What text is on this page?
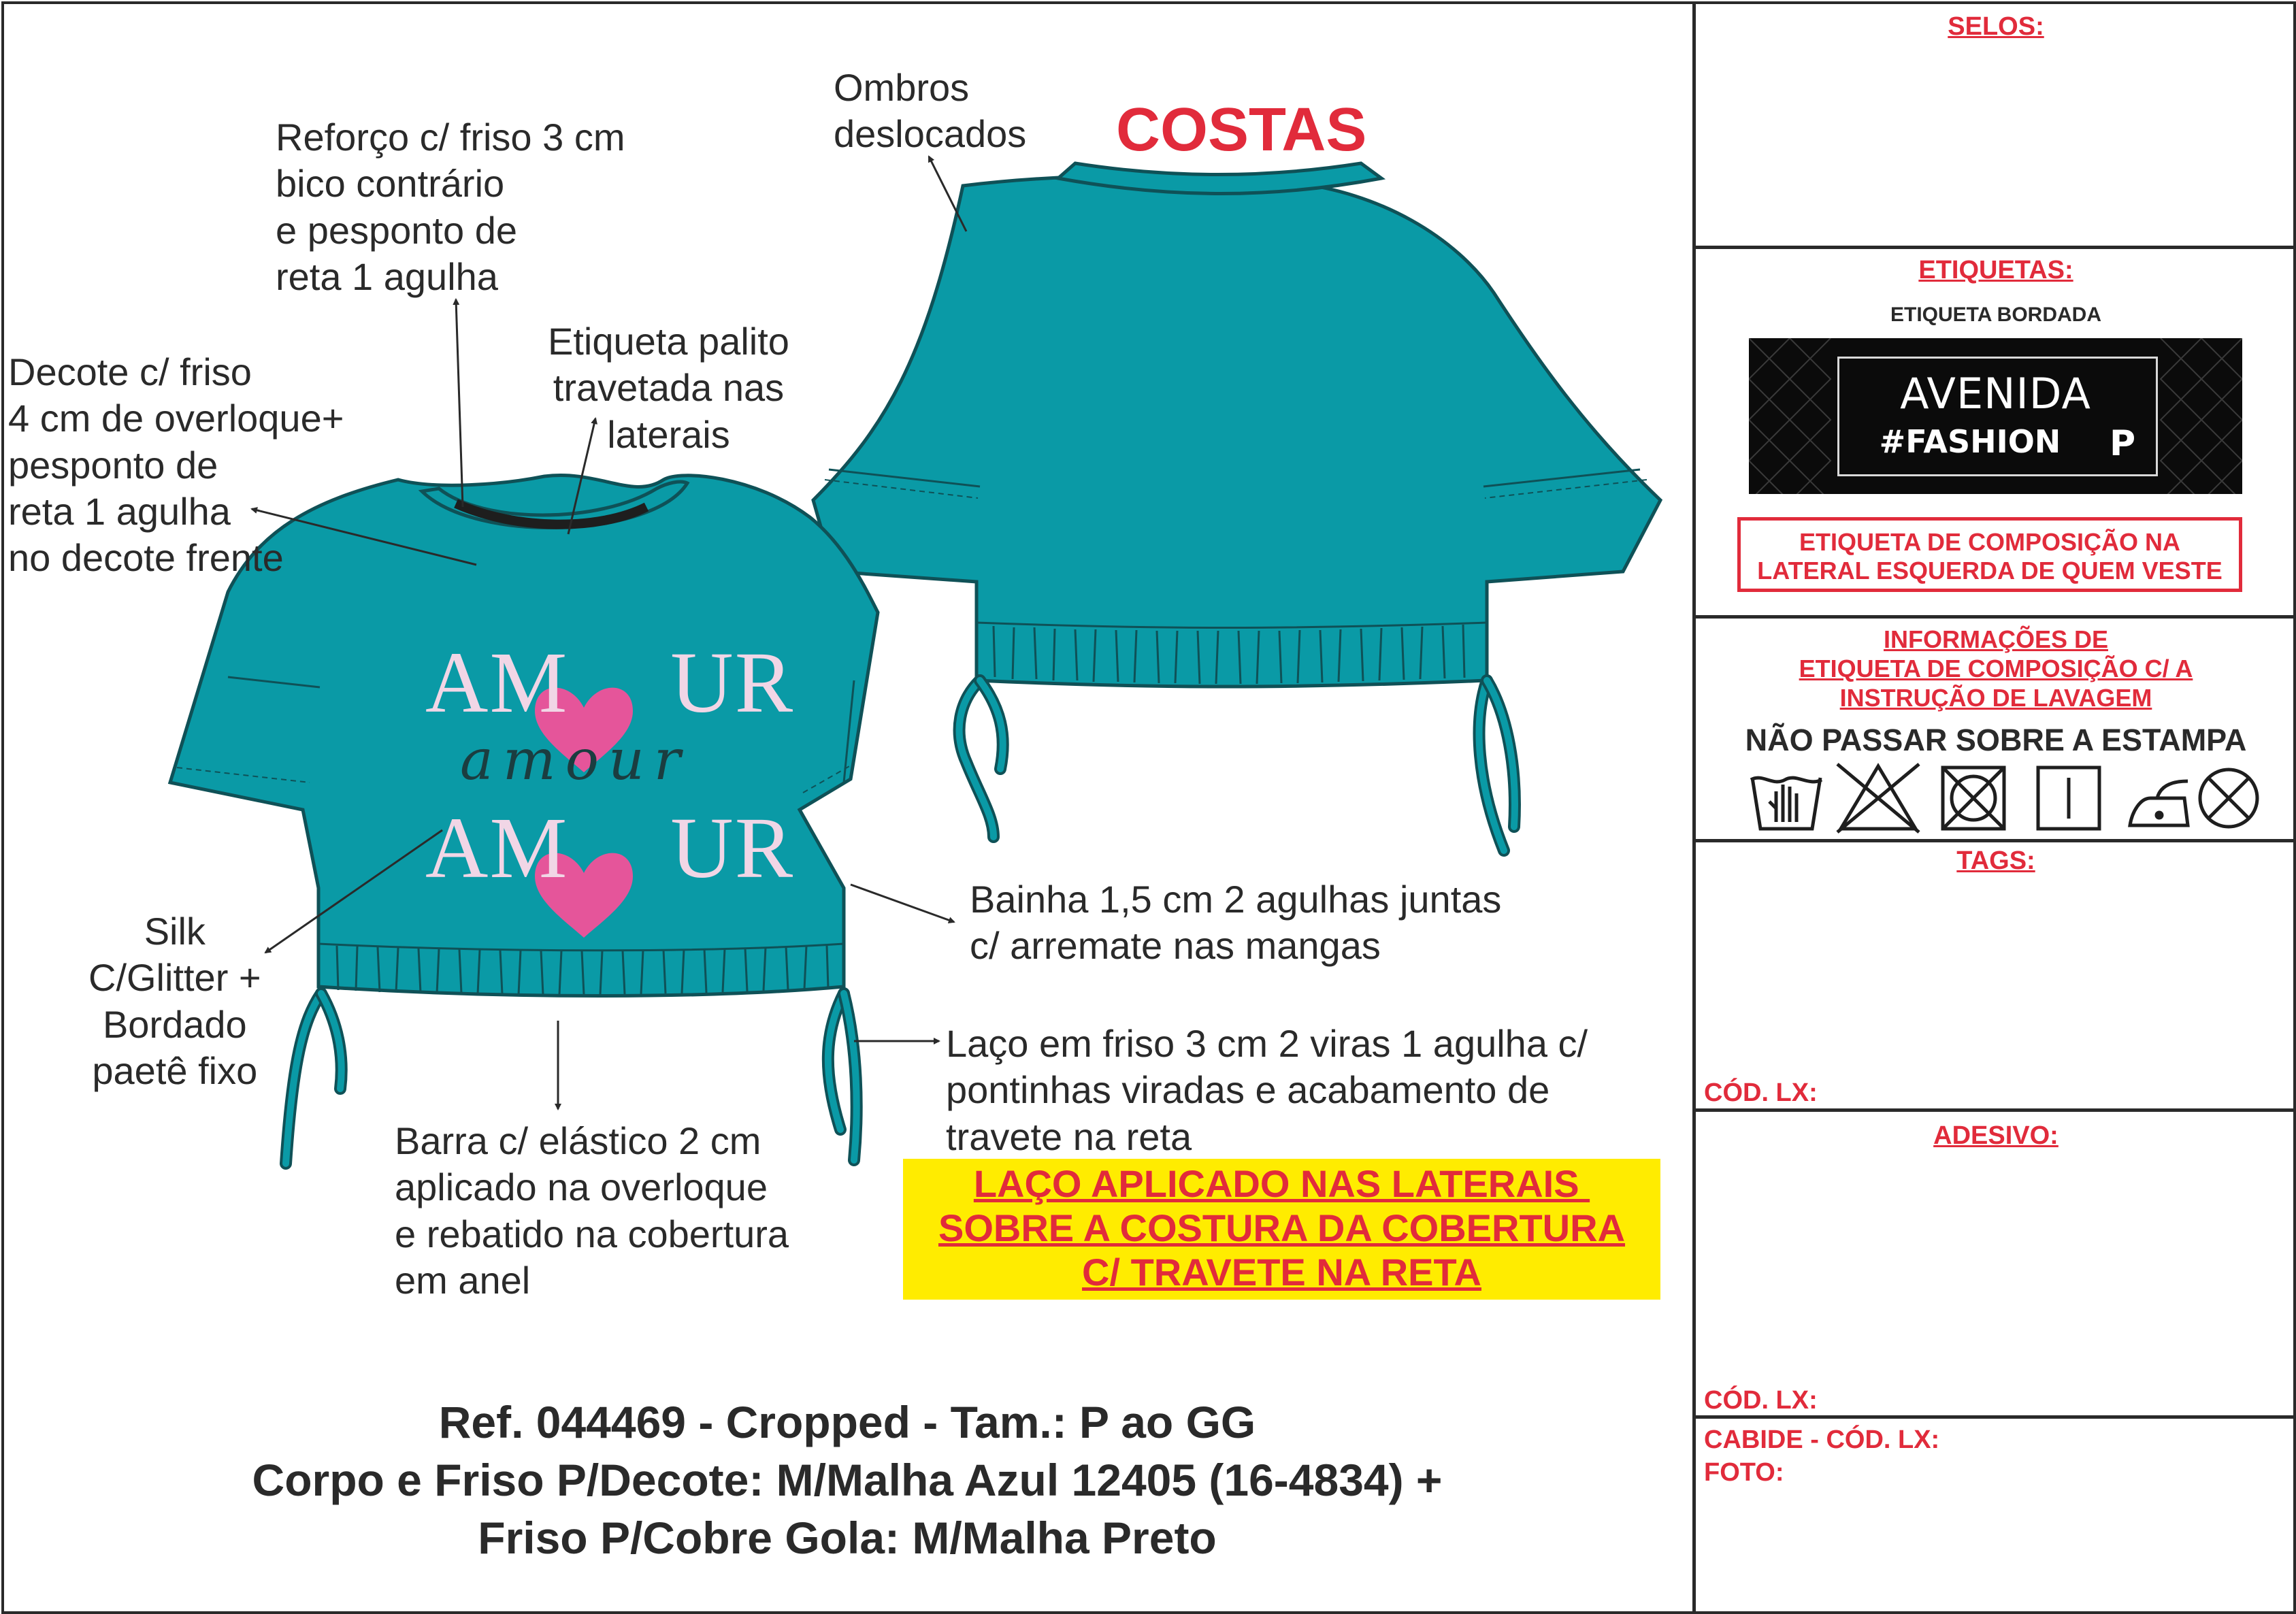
AM UR
amour
AM UR
COSTAS
Reforço c/ friso 3 cm
bico contrário
e pesponto de
reta 1 agulha
Ombros
deslocados
Etiqueta palito
travetada nas
laterais
Decote c/ friso
4 cm de overloque+
pesponto de
reta 1 agulha
no decote frente
Silk
C/Glitter +
Bordado
paetê fixo
Bainha 1,5 cm 2 agulhas juntas
c/ arremate nas mangas
Laço em friso 3 cm 2 viras 1 agulha c/
pontinhas viradas e acabamento de
travete na reta
Barra c/ elástico 2 cm
aplicado na overloque
e rebatido na cobertura
em anel
LAÇO APLICADO NAS LATERAIS
SOBRE A COSTURA DA COBERTURA
C/ TRAVETE NA RETA
Ref. 044469 - Cropped - Tam.: P ao GG
Corpo e Friso P/Decote: M/Malha Azul 12405 (16-4834) +
Friso P/Cobre Gola: M/Malha Preto
SELOS:
ETIQUETAS:
ETIQUETA BORDADA
AVENIDA
#FASHION P
ETIQUETA DE COMPOSIÇÃO NA
LATERAL ESQUERDA DE QUEM VESTE
INFORMAÇÕES DE
ETIQUETA DE COMPOSIÇÃO C/ A
INSTRUÇÃO DE LAVAGEM
NÃO PASSAR SOBRE A ESTAMPA
TAGS:
CÓD. LX:
ADESIVO:
CÓD. LX:
CABIDE - CÓD. LX:
FOTO:
